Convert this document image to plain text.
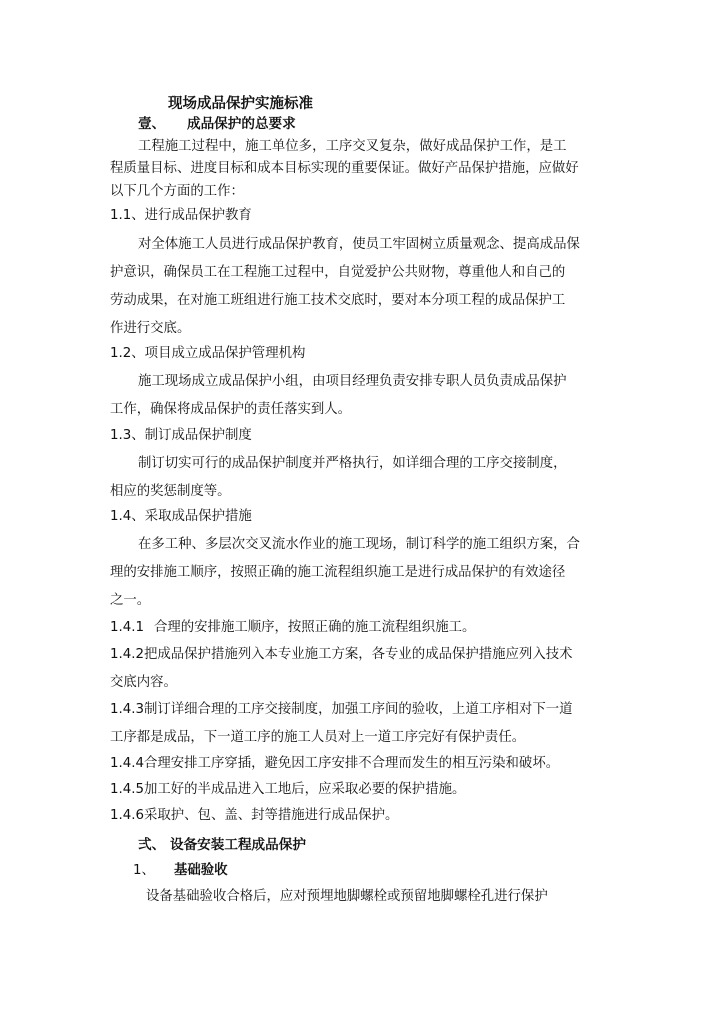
现场成品保护实施标准
壹、 成品保护的总要求
工程施工过程中，施工单位多，工序交叉复杂，做好成品保护工作，是工
程质量目标、进度目标和成本目标实现的重要保证。做好产品保护措施，应做好
以下几个方面的工作：
1.1、进行成品保护教育
对全体施工人员进行成品保护教育，使员工牢固树立质量观念、提高成品保
护意识，确保员工在工程施工过程中，自觉爱护公共财物，尊重他人和自己的
劳动成果，在对施工班组进行施工技术交底时，要对本分项工程的成品保护工
作进行交底。
1.2、项目成立成品保护管理机构
施工现场成立成品保护小组，由项目经理负责安排专职人员负责成品保护
工作，确保将成品保护的责任落实到人。
1.3、制订成品保护制度
制订切实可行的成品保护制度并严格执行，如详细合理的工序交接制度，
相应的奖惩制度等。
1.4、采取成品保护措施
在多工种、多层次交叉流水作业的施工现场，制订科学的施工组织方案，合
理的安排施工顺序，按照正确的施工流程组织施工是进行成品保护的有效途径
之一。
1.4.1 合理的安排施工顺序，按照正确的施工流程组织施工。
1.4.2 把成品保护措施列入本专业施工方案，各专业的成品保护措施应列入技术
交底内容。
1.4.3 制订详细合理的工序交接制度，加强工序间的验收，上道工序相对下一道
工序都是成品，下一道工序的施工人员对上一道工序完好有保护责任。
1.4.4 合理安排工序穿插，避免因工序安排不合理而发生的相互污染和破坏。
1.4.5 加工好的半成品进入工地后，应采取必要的保护措施。
1.4.6 采取护、包、盖、封等措施进行成品保护。
弍、 设备安装工程成品保护
1、 基础验收
设备基础验收合格后，应对预埋地脚螺栓或预留地脚螺栓孔进行保护
